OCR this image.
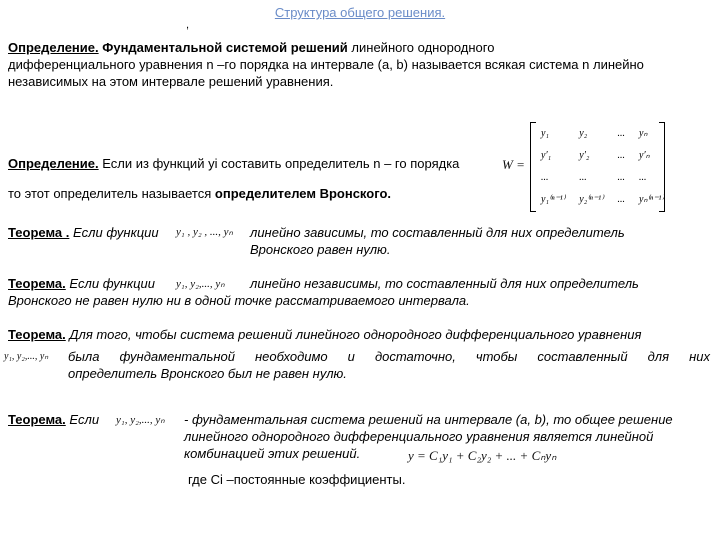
Структура общего решения.
,
Определение. Фундаментальной системой решений линейного однородного
дифференциального уравнения n –го порядка на интервале (a, b) называется всякая система n линейно
независимых на этом интервале решений уравнения.
Определение. Если из функций yi составить определитель n – го порядка	W =
y₁	y₂	...	yₙ
y′₁	y′₂	...	y′ₙ
...	...	...	...
y₁⁽ⁿ⁻¹⁾	y₂⁽ⁿ⁻¹⁾	...	yₙ⁽ⁿ⁻¹⁾
то этот определитель называется определителем Вронского.
Теорема . Если функции	y₁ , y₂ , ..., yₙ линейно зависимы, то составленный для них определитель
Вронского равен нулю.
Теорема. Если функции	y₁, y₂,..., yₙ линейно независимы, то составленный для них определитель
Вронского не равен нулю ни в одной точке рассматриваемого интервала.
Теорема. Для того, чтобы система решений линейного однородного дифференциального уравнения
y₁, y₂,..., yₙ была фундаментальной необходимо и достаточно, чтобы составленный для них
определитель Вронского был не равен нулю.
Теорема. Если	y₁, y₂,..., yₙ - фундаментальная система решений на интервале (a, b), то общее решение
линейного однородного дифференциального уравнения является линейной
комбинацией этих решений.	y = C₁y₁ + C₂y₂ + ... + Cₙyₙ
где Ci –постоянные коэффициенты.
